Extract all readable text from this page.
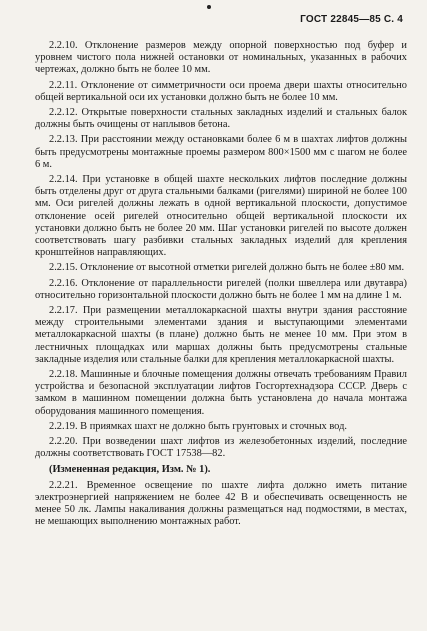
ГОСТ 22845—85 С. 4

2.2.10. Отклонение размеров между опорной поверхностью под буфер и уровнем чистого пола нижней остановки от номинальных, указанных в рабочих чертежах, должно быть не более 10 мм.

2.2.11. Отклонение от симметричности оси проема двери шахты относительно общей вертикальной оси их установки должно быть не более 10 мм.

2.2.12. Открытые поверхности стальных закладных изделий и стальных балок должны быть очищены от наплывов бетона.

2.2.13. При расстоянии между остановками более 6 м в шахтах лифтов должны быть предусмотрены монтажные проемы размером 800×1500 мм с шагом не более 6 м.

2.2.14. При установке в общей шахте нескольких лифтов последние должны быть отделены друг от друга стальными балками (ригелями) шириной не более 100 мм. Оси ригелей должны лежать в одной вертикальной плоскости, допустимое отклонение осей ригелей относительно общей вертикальной плоскости их установки должно быть не более 20 мм. Шаг установки ригелей по высоте должен соответствовать шагу разбивки стальных закладных изделий для крепления кронштейнов направляющих.

2.2.15. Отклонение от высотной отметки ригелей должно быть не более ±80 мм.

2.2.16. Отклонение от параллельности ригелей (полки швеллера или двутавра) относительно горизонтальной плоскости должно быть не более 1 мм на длине 1 м.

2.2.17. При размещении металлокаркасной шахты внутри здания расстояние между строительными элементами здания и выступающими элементами металлокаркасной шахты (в плане) должно быть не менее 10 мм. При этом в лестничных площадках или маршах должны быть предусмотрены стальные закладные изделия или стальные балки для крепления металлокаркасной шахты.

2.2.18. Машинные и блочные помещения должны отвечать требованиям Правил устройства и безопасной эксплуатации лифтов Госгортехнадзора СССР. Дверь с замком в машинном помещении должна быть установлена до начала монтажа оборудования машинного помещения.

2.2.19. В приямках шахт не должно быть грунтовых и сточных вод.

2.2.20. При возведении шахт лифтов из железобетонных изделий, последние должны соответствовать ГОСТ 17538—82.

(Измененная редакция, Изм. № 1).

2.2.21. Временное освещение по шахте лифта должно иметь питание электроэнергией напряжением не более 42 В и обеспечивать освещенность не менее 50 лк. Лампы накаливания должны размещаться над подмостями, в местах, не мешающих выполнению монтажных работ.
